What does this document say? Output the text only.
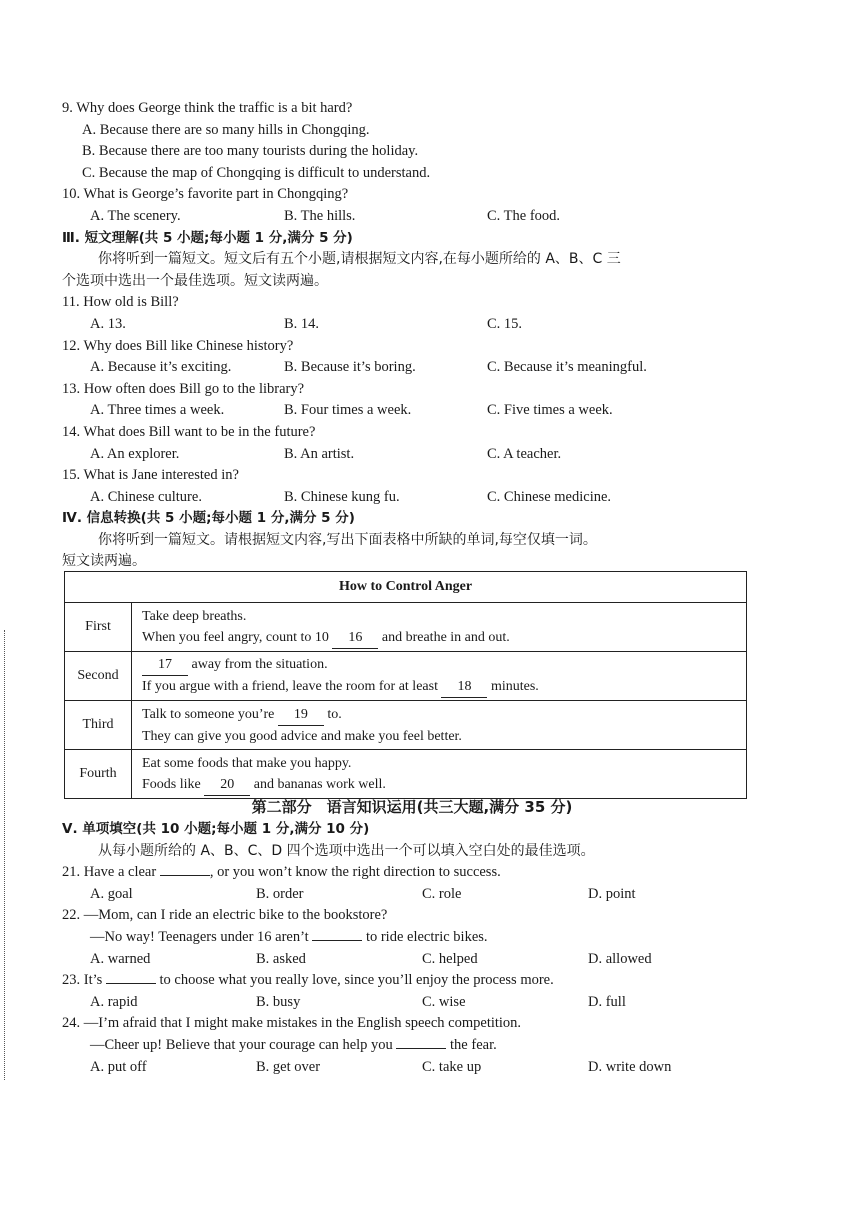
9. Why does George think the traffic is a bit hard?
A. Because there are so many hills in Chongqing.
B. Because there are too many tourists during the holiday.
C. Because the map of Chongqing is difficult to understand.
10. What is George’s favorite part in Chongqing?
A. The scenery.	B. The hills.	C. The food.
Ⅲ. 短文理解(共 5 小题;每小题 1 分,满分 5 分)
你将听到一篇短文。短文后有五个小题,请根据短文内容,在每小题所给的 A、B、C 三
个选项中选出一个最佳选项。短文读两遍。
11. How old is Bill?
A. 13.	B. 14.	C. 15.
12. Why does Bill like Chinese history?
A. Because it’s exciting.	B. Because it’s boring.	C. Because it’s meaningful.
13. How often does Bill go to the library?
A. Three times a week.	B. Four times a week.	C. Five times a week.
14. What does Bill want to be in the future?
A. An explorer.	B. An artist.	C. A teacher.
15. What is Jane interested in?
A. Chinese culture.	B. Chinese kung fu.	C. Chinese medicine.
Ⅳ. 信息转换(共 5 小题;每小题 1 分,满分 5 分)
你将听到一篇短文。请根据短文内容,写出下面表格中所缺的单词,每空仅填一词。
短文读两遍。
How to Control Anger	
First	Take deep breaths.
When you feel angry, count to 10 16 and breathe in and out.
Second	17 away from the situation.
If you argue with a friend, leave the room for at least 18 minutes.
Third	Talk to someone you’re 19 to.
They can give you good advice and make you feel better.
Fourth	Eat some foods that make you happy.
Foods like 20 and bananas work well.
第二部分　语言知识运用(共三大题,满分 35 分)
Ⅴ. 单项填空(共 10 小题;每小题 1 分,满分 10 分)
从每小题所给的 A、B、C、D 四个选项中选出一个可以填入空白处的最佳选项。
21. Have a clear	, or you won’t know the right direction to success.
A. goal	B. order	C. role	D. point
22. —Mom, can I ride an electric bike to the bookstore?
—No way! Teenagers under 16 aren’t	to ride electric bikes.
A. warned	B. asked	C. helped	D. allowed
23. It’s	to choose what you really love, since you’ll enjoy the process more.
A. rapid	B. busy	C. wise	D. full
24. —I’m afraid that I might make mistakes in the English speech competition.
—Cheer up! Believe that your courage can help you	the fear.
A. put off	B. get over	C. take up	D. write down
